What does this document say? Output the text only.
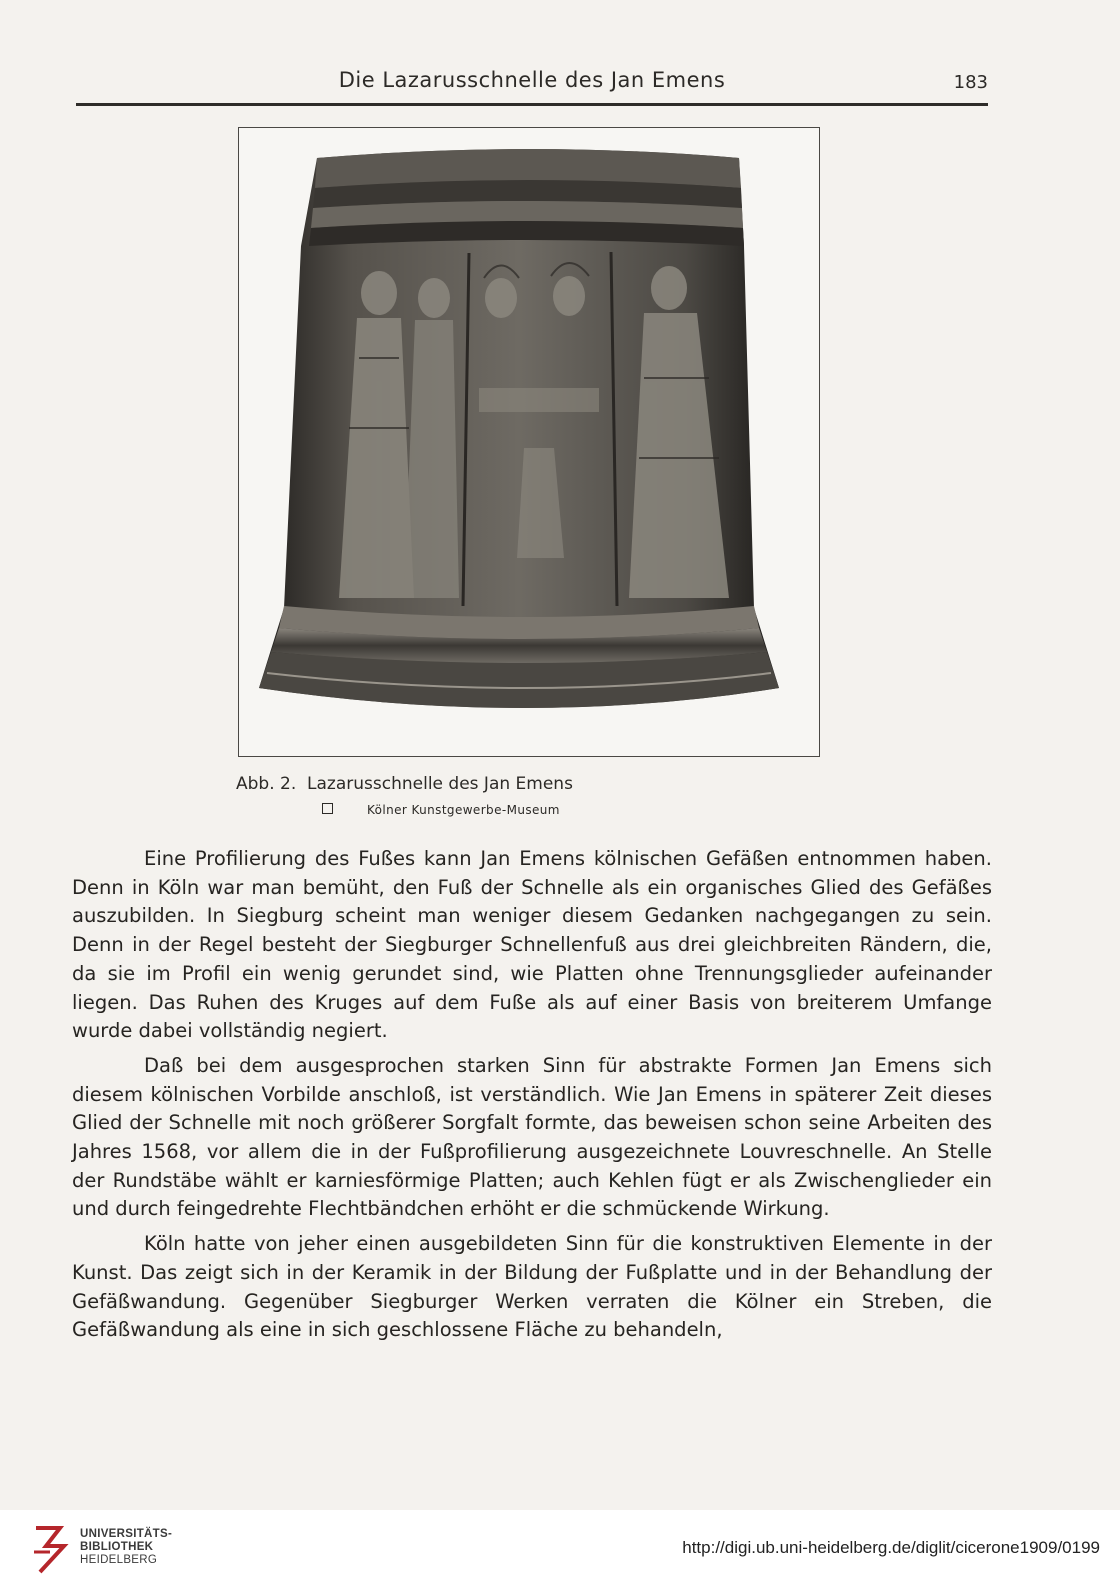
Die Lazarusschnelle des Jan Emens	183
Abb. 2.  Lazarusschnelle des Jan Emens
Kölner Kunstgewerbe-Museum

Eine Profilierung des Fußes kann Jan Emens kölnischen Gefäßen entnommen haben. Denn in Köln war man bemüht, den Fuß der Schnelle als ein organisches Glied des Gefäßes auszubilden. In Siegburg scheint man weniger diesem Gedanken nachgegangen zu sein. Denn in der Regel besteht der Siegburger Schnellenfuß aus drei gleichbreiten Rändern, die, da sie im Profil ein wenig gerundet sind, wie Platten ohne Trennungsglieder aufeinander liegen. Das Ruhen des Kruges auf dem Fuße als auf einer Basis von breiterem Umfange wurde dabei vollständig negiert.

Daß bei dem ausgesprochen starken Sinn für abstrakte Formen Jan Emens sich diesem kölnischen Vorbilde anschloß, ist verständlich. Wie Jan Emens in späterer Zeit dieses Glied der Schnelle mit noch größerer Sorgfalt formte, das beweisen schon seine Arbeiten des Jahres 1568, vor allem die in der Fußprofilierung ausgezeichnete Louvreschnelle. An Stelle der Rundstäbe wählt er karniesförmige Platten; auch Kehlen fügt er als Zwischenglieder ein und durch feingedrehte Flechtbändchen erhöht er die schmückende Wirkung.

Köln hatte von jeher einen ausgebildeten Sinn für die konstruktiven Elemente in der Kunst. Das zeigt sich in der Keramik in der Bildung der Fußplatte und in der Behandlung der Gefäßwandung. Gegenüber Siegburger Werken verraten die Kölner ein Streben, die Gefäßwandung als eine in sich geschlossene Fläche zu behandeln,

UNIVERSITÄTS-
BIBLIOTHEK
HEIDELBERG
http://digi.ub.uni-heidelberg.de/diglit/cicerone1909/0199
